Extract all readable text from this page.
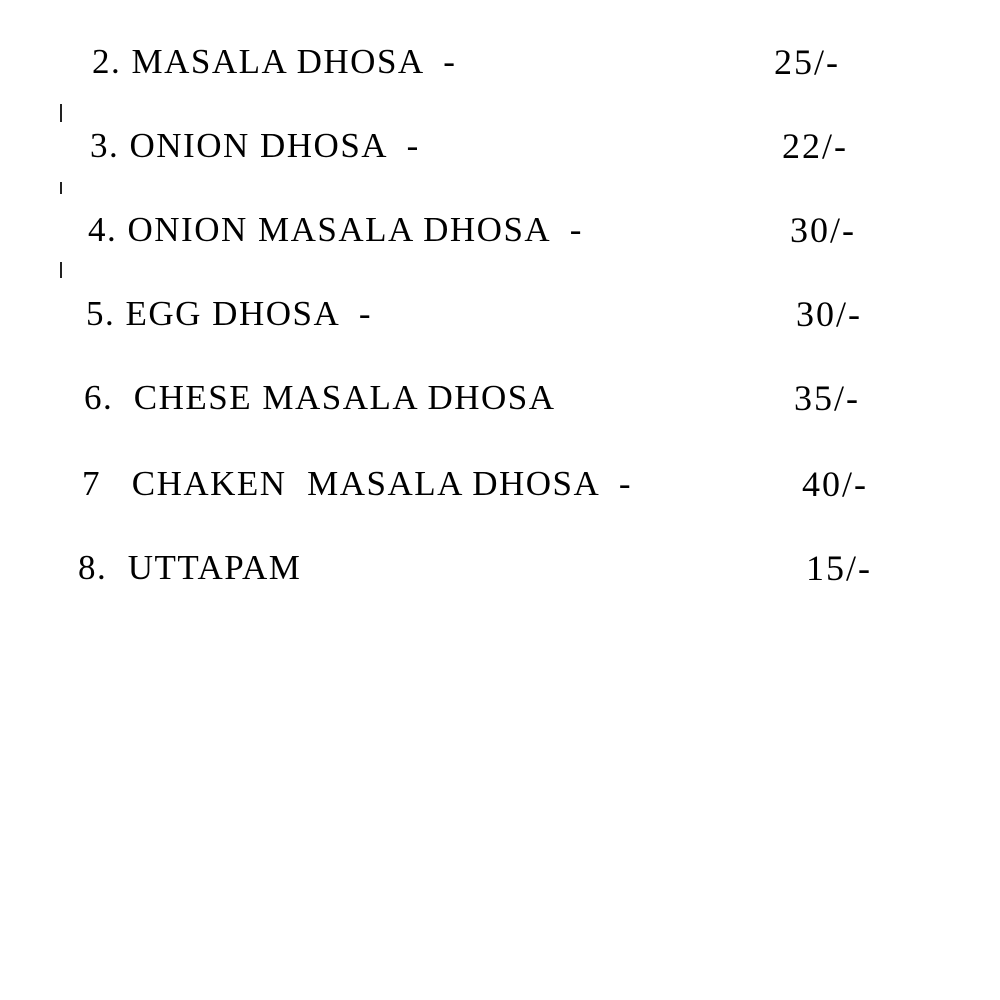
2. MASALA DHOSA  -	25/-
3. ONION DHOSA  -	22/-
4. ONION MASALA DHOSA  -	30/-
5. EGG DHOSA  -	30/-
6.  CHESE MASALA DHOSA	35/-
7   CHAKEN  MASALA DHOSA  -	40/-
8.  UTTAPAM	15/-
